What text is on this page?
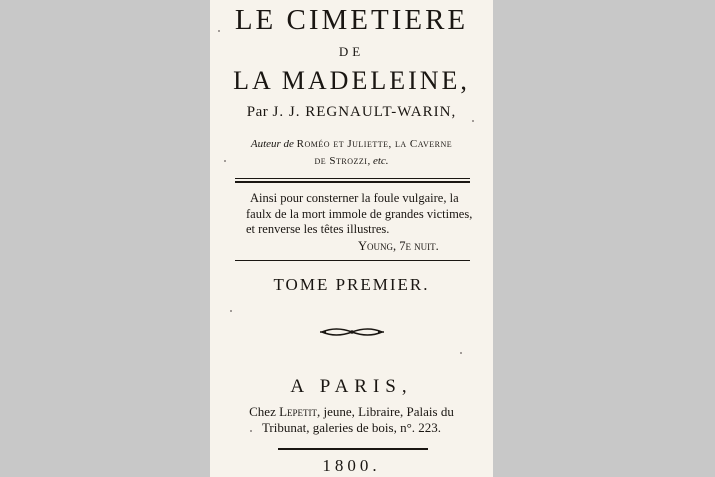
LE CIMETIERE
DE
LA MADELEINE,
Par J. J. REGNAULT-WARIN,
Auteur de Roméo et Juliette, la Caverne
de Strozzi, etc.
Ainsi pour consterner la foule vulgaire, la
faulx de la mort immole de grandes victimes,
et renverse les têtes illustres.
Young, 7e nuit.
TOME PREMIER.
A PARIS,
Chez Lepetit, jeune, Libraire, Palais du
Tribunat, galeries de bois, n°. 223.
1800.
